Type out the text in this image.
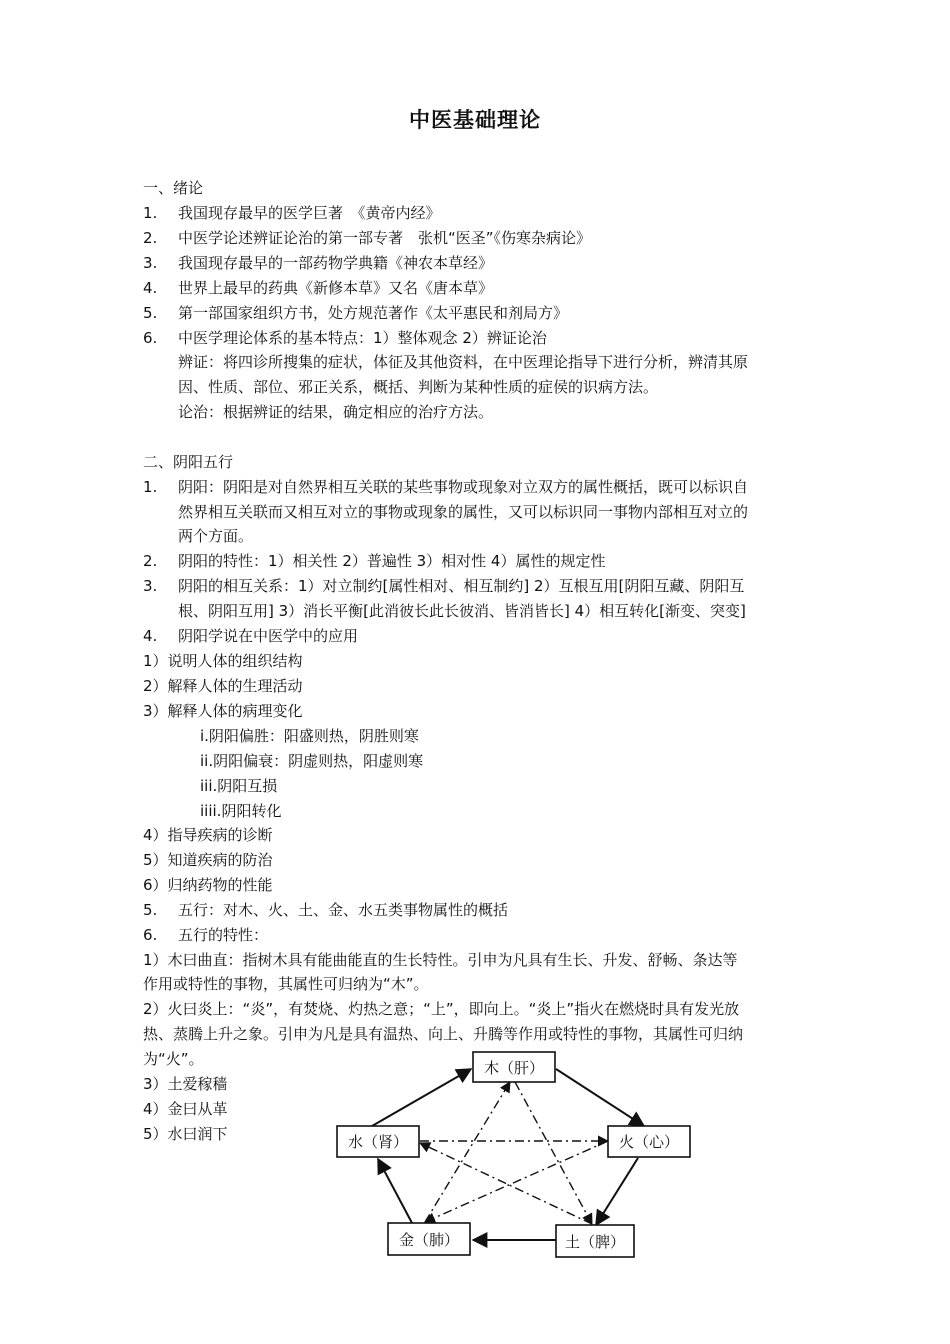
中医基础理论
一、绪论
1. 我国现存最早的医学巨著　《黄帝内经》
2. 中医学论述辨证论治的第一部专著　张机“医圣”《伤寒杂病论》
3. 我国现存最早的一部药物学典籍《神农本草经》
4. 世界上最早的药典《新修本草》又名《唐本草》
5. 第一部国家组织方书，处方规范著作《太平惠民和剂局方》
6. 中医学理论体系的基本特点：1）整体观念 2）辨证论治
辨证：将四诊所搜集的症状，体征及其他资料，在中医理论指导下进行分析，辨清其原
因、性质、部位、邪正关系，概括、判断为某种性质的症侯的识病方法。
论治：根据辨证的结果，确定相应的治疗方法。
二、阴阳五行
1. 阴阳：阴阳是对自然界相互关联的某些事物或现象对立双方的属性概括，既可以标识自
然界相互关联而又相互对立的事物或现象的属性，又可以标识同一事物内部相互对立的
两个方面。
2. 阴阳的特性：1）相关性 2）普遍性 3）相对性 4）属性的规定性
3. 阴阳的相互关系：1）对立制约[属性相对、相互制约] 2）互根互用[阴阳互藏、阴阳互
根、阴阳互用] 3）消长平衡[此消彼长此长彼消、皆消皆长] 4）相互转化[渐变、突变]
4. 阴阳学说在中医学中的应用
1）说明人体的组织结构
2）解释人体的生理活动
3）解释人体的病理变化
i.阴阳偏胜：阳盛则热，阴胜则寒
ii.阴阳偏衰：阴虚则热，阳虚则寒
iii.阴阳互损
iiii.阴阳转化
4）指导疾病的诊断
5）知道疾病的防治
6）归纳药物的性能
5. 五行：对木、火、土、金、水五类事物属性的概括
6. 五行的特性：
1）木曰曲直：指树木具有能曲能直的生长特性。引申为凡具有生长、升发、舒畅、条达等
作用或特性的事物，其属性可归纳为“木”。
2）火曰炎上：“炎”，有焚烧、灼热之意；“上”，即向上。“炎上”指火在燃烧时具有发光放
热、蒸腾上升之象。引申为凡是具有温热、向上、升腾等作用或特性的事物，其属性可归纳
为“火”。
3）土爱稼穑
4）金曰从革
5）水曰润下
木（肝）
火（心）
土（脾）
金（肺）
水（肾）
